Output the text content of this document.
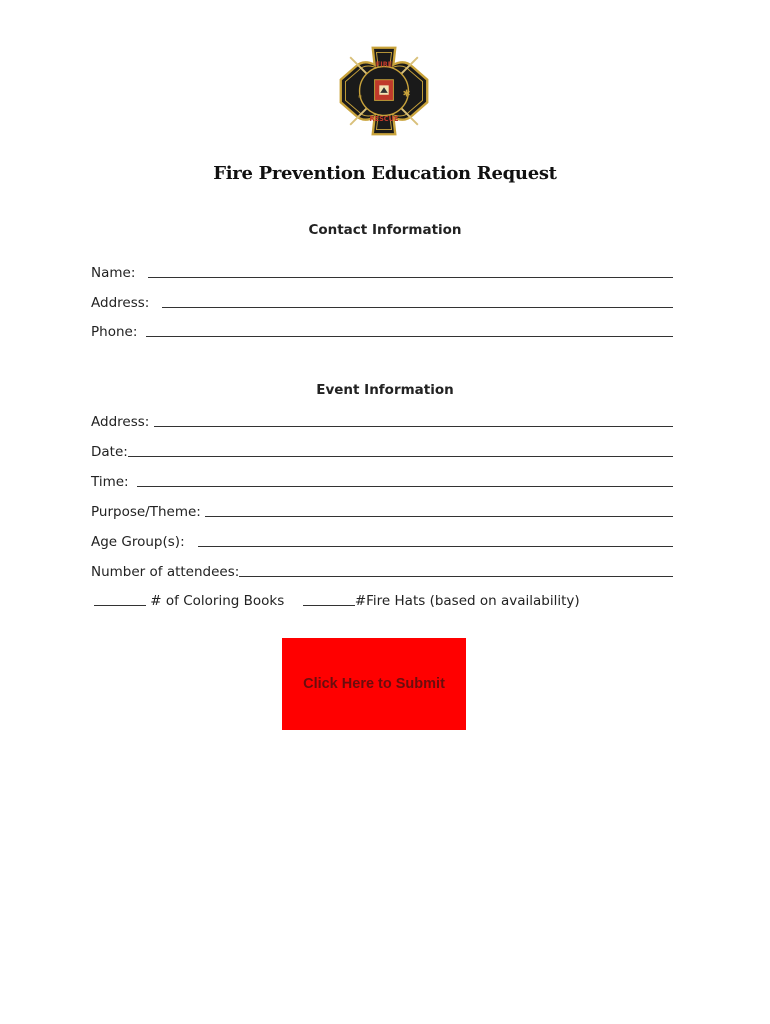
✱
✳
FIRE
RESCUE
Fire Prevention Education Request
Contact Information
Name:
Address:
Phone:
Event Information
Address:
Date:
Time:
Purpose/Theme:
Age Group(s):
Number of attendees:
# of Coloring Books	#Fire Hats (based on availability)
Click Here to Submit
